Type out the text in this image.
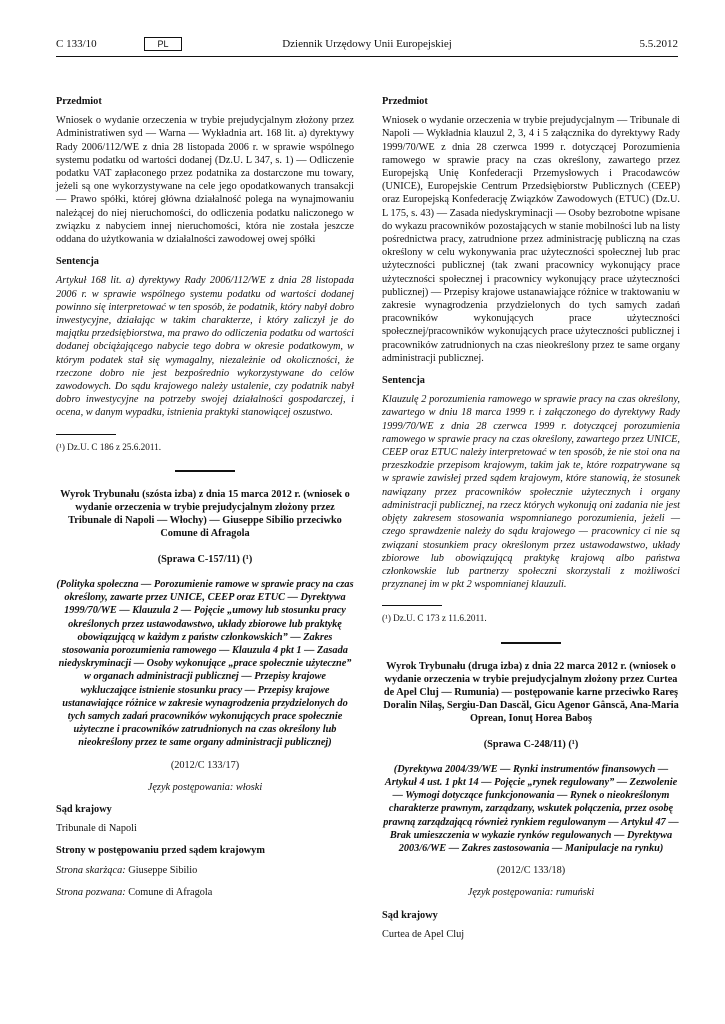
C 133/10	PL	Dziennik Urzędowy Unii Europejskiej	5.5.2012
Przedmiot

Wniosek o wydanie orzeczenia w trybie prejudycjalnym złożony przez Administratiwen syd — Warna — Wykładnia art. 168 lit. a) dyrektywy Rady 2006/112/WE z dnia 28 listopada 2006 r. w sprawie wspólnego systemu podatku od wartości dodanej (Dz.U. L 347, s. 1) — Odliczenie podatku VAT zapłaconego przez podatnika za dostarczone mu towary, jeżeli są one wykorzystywane na cele jego opodatkowanych transakcji — Prawo spółki, której główna działalność polega na wynajmowaniu należącej do niej nieruchomości, do odliczenia podatku naliczonego w związku z nabyciem innej nieruchomości, która nie została jeszcze oddana do użytkowania w działalności zawodowej owej spółki

Sentencja

Artykuł 168 lit. a) dyrektywy Rady 2006/112/WE z dnia 28 listopada 2006 r. w sprawie wspólnego systemu podatku od wartości dodanej powinno się interpretować w ten sposób, że podatnik, który nabył dobro inwestycyjne, działając w takim charakterze, i który zaliczył je do majątku przedsiębiorstwa, ma prawo do odliczenia podatku od wartości dodanej obciążającego nabycie tego dobra w okresie podatkowym, w którym podatek stał się wymagalny, niezależnie od okoliczności, że rzeczone dobro nie jest bezpośrednio wykorzystywane do celów zawodowych. Do sądu krajowego należy ustalenie, czy podatnik nabył dobro inwestycyjne na potrzeby swojej działalności gospodarczej, i ocena, w danym wypadku, istnienia praktyki stanowiącej oszustwo.

(¹) Dz.U. C 186 z 25.6.2011.

Wyrok Trybunału (szósta izba) z dnia 15 marca 2012 r. (wniosek o wydanie orzeczenia w trybie prejudycjalnym złożony przez Tribunale di Napoli — Włochy) — Giuseppe Sibilio przeciwko Comune di Afragola

(Sprawa C-157/11) (¹)

(Polityka społeczna — Porozumienie ramowe w sprawie pracy na czas określony, zawarte przez UNICE, CEEP oraz ETUC — Dyrektywa 1999/70/WE — Klauzula 2 — Pojęcie „umowy lub stosunku pracy określonych przez ustawodawstwo, układy zbiorowe lub praktykę obowiązującą w każdym z państw członkowskich” — Zakres stosowania porozumienia ramowego — Klauzula 4 pkt 1 — Zasada niedyskryminacji — Osoby wykonujące „prace społecznie użyteczne” w organach administracji publicznej — Przepisy krajowe wykluczające istnienie stosunku pracy — Przepisy krajowe ustanawiające różnice w zakresie wynagrodzenia przydzielonych do tych samych zadań pracowników wykonujących prace społecznie użyteczne i pracowników zatrudnionych na czas określony lub nieokreślony przez te same organy administracji publicznej)

(2012/C 133/17)

Język postępowania: włoski

Sąd krajowy

Tribunale di Napoli

Strony w postępowaniu przed sądem krajowym

Strona skarżąca: Giuseppe Sibilio

Strona pozwana: Comune di Afragola

Przedmiot

Wniosek o wydanie orzeczenia w trybie prejudycjalnym — Tribunale di Napoli — Wykładnia klauzul 2, 3, 4 i 5 załącznika do dyrektywy Rady 1999/70/WE z dnia 28 czerwca 1999 r. dotyczącej Porozumienia ramowego w sprawie pracy na czas określony, zawartego przez Europejską Unię Konfederacji Przemysłowych i Pracodawców (UNICE), Europejskie Centrum Przedsiębiorstw Publicznych (CEEP) oraz Europejską Konfederację Związków Zawodowych (ETUC) (Dz.U. L 175, s. 43) — Zasada niedyskryminacji — Osoby bezrobotne wpisane do wykazu pracowników pozostających w stanie mobilności lub na listy pośrednictwa pracy, zatrudnione przez administrację publiczną na czas określony w celu wykonywania prac użyteczności społecznej lub prac użyteczności publicznej (tak zwani pracownicy wykonujący prace użyteczności społecznej i pracownicy wykonujący prace użyteczności publicznej) — Przepisy krajowe ustanawiające różnice w traktowaniu w zakresie wynagrodzenia przydzielonych do tych samych zadań pracowników wykonujących prace użyteczności społecznej/pracowników wykonujących prace użyteczności publicznej i pracowników zatrudnionych na czas nieokreślony przez te same organy administracji publicznej.

Sentencja

Klauzulę 2 porozumienia ramowego w sprawie pracy na czas określony, zawartego w dniu 18 marca 1999 r. i załączonego do dyrektywy Rady 1999/70/WE z dnia 28 czerwca 1999 r. dotyczącej porozumienia ramowego w sprawie pracy na czas określony, zawartego przez UNICE, CEEP oraz ETUC należy interpretować w ten sposób, że nie stoi ona na przeszkodzie przepisom krajowym, takim jak te, które rozpatrywane są w sprawie zawisłej przed sądem krajowym, które stanowią, że stosunek nawiązany przez pracowników społecznie użytecznych i organy administracji publicznej, na rzecz których wykonują oni zadania nie jest objęty zakresem stosowania wspomnianego porozumienia, jeżeli — czego sprawdzenie należy do sądu krajowego — pracownicy ci nie są związani stosunkiem pracy określonym przez ustawodawstwo, układy zbiorowe lub obowiązującą praktykę krajową albo państwa członkowskie lub partnerzy społeczni skorzystali z możliwości przyznanej im w pkt 2 wspomnianej klauzuli.

(¹) Dz.U. C 173 z 11.6.2011.

Wyrok Trybunału (druga izba) z dnia 22 marca 2012 r. (wniosek o wydanie orzeczenia w trybie prejudycjalnym złożony przez Curtea de Apel Cluj — Rumunia) — postępowanie karne przeciwko Rareş Doralin Nilaş, Sergiu-Dan Dascăl, Gicu Agenor Gânscă, Ana-Maria Oprean, Ionuţ Horea Baboş

(Sprawa C-248/11) (¹)

(Dyrektywa 2004/39/WE — Rynki instrumentów finansowych — Artykuł 4 ust. 1 pkt 14 — Pojęcie „rynek regulowany” — Zezwolenie — Wymogi dotyczące funkcjonowania — Rynek o nieokreślonym charakterze prawnym, zarządzany, wskutek połączenia, przez osobę prawną zarządzającą również rynkiem regulowanym — Artykuł 47 — Brak umieszczenia w wykazie rynków regulowanych — Dyrektywa 2003/6/WE — Zakres zastosowania — Manipulacje na rynku)

(2012/C 133/18)

Język postępowania: rumuński

Sąd krajowy

Curtea de Apel Cluj
